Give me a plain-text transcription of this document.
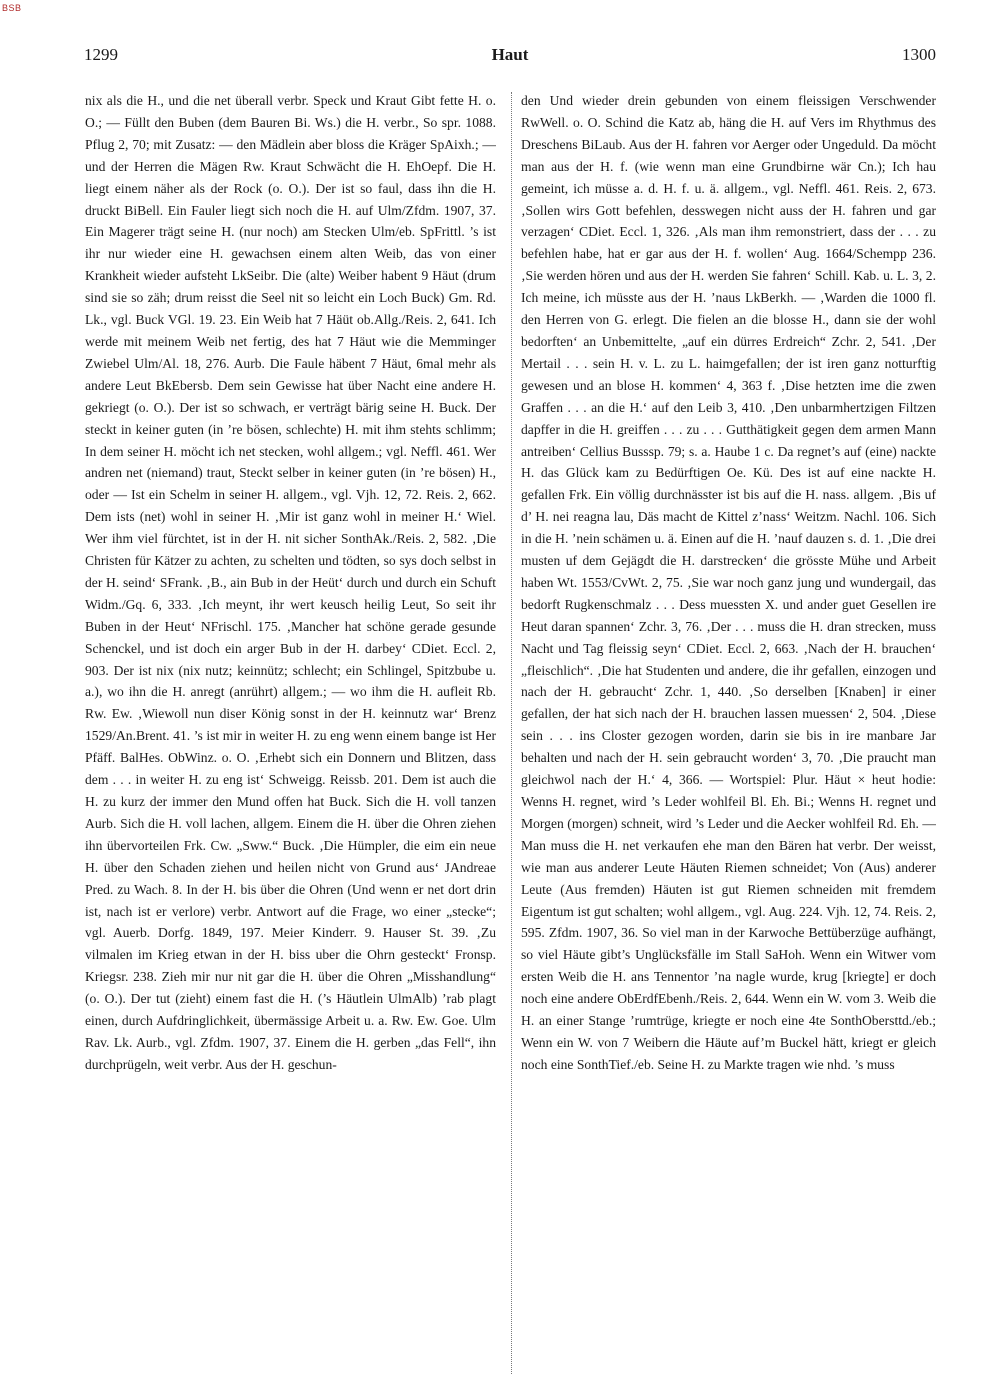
BSB
1299	Haut	1300

nix als die H., und die net überall verbr. Speck und Kraut Gibt fette H. o. O.; — Füllt den Buben (dem Bauren Bi. Ws.) die H. verbr., So spr. 1088. Pflug 2, 70; mit Zusatz: — den Mädlein aber bloss die Kräger SpAixh.; — und der Herren die Mägen Rw. Kraut Schwächt die H. EhOepf. Die H. liegt einem näher als der Rock (o. O.). Der ist so faul, dass ihn die H. druckt BiBell. Ein Fauler liegt sich noch die H. auf Ulm/Zfdm. 1907, 37. Ein Magerer trägt seine H. (nur noch) am Stecken Ulm/eb. SpFrittl. ’s ist ihr nur wieder eine H. gewachsen einem alten Weib, das von einer Krankheit wieder aufsteht LkSeibr. Die (alte) Weiber habent 9 Häut (drum sind sie so zäh; drum reisst die Seel nit so leicht ein Loch Buck) Gm. Rd. Lk., vgl. Buck VGl. 19. 23. Ein Weib hat 7 Häüt ob.Allg./Reis. 2, 641. Ich werde mit meinem Weib net fertig, des hat 7 Häut wie die Memminger Zwiebel Ulm/Al. 18, 276. Aurb. Die Faule häbent 7 Häut, 6mal mehr als andere Leut BkEbersb. Dem sein Gewisse hat über Nacht eine andere H. gekriegt (o. O.). Der ist so schwach, er verträgt bärig seine H. Buck. Der steckt in keiner guten (in ’re bösen, schlechte) H. mit ihm stehts schlimm; In dem seiner H. möcht ich net stecken, wohl allgem.; vgl. Neffl. 461. Wer andren net (niemand) traut, Steckt selber in keiner guten (in ’re bösen) H., oder — Ist ein Schelm in seiner H. allgem., vgl. Vjh. 12, 72. Reis. 2, 662. Dem ists (net) wohl in seiner H. ‚Mir ist ganz wohl in meiner H.‘ Wiel. Wer ihm viel fürchtet, ist in der H. nit sicher SonthAk./Reis. 2, 582. ‚Die Christen für Kätzer zu achten, zu schelten und tödten, so sys doch selbst in der H. seind‘ SFrank. ‚B., ain Bub in der Heüt‘ durch und durch ein Schuft Widm./Gq. 6, 333. ‚Ich meynt, ihr wert keusch heilig Leut, So seit ihr Buben in der Heut‘ NFrischl. 175. ‚Mancher hat schöne gerade gesunde Schenckel, und ist doch ein arger Bub in der H. darbey‘ CDiet. Eccl. 2, 903. Der ist nix (nix nutz; keinnütz; schlecht; ein Schlingel, Spitzbube u. a.), wo ihn die H. anregt (anrührt) allgem.; — wo ihm die H. aufleit Rb. Rw. Ew. ‚Wiewoll nun diser König sonst in der H. keinnutz war‘ Brenz 1529/An.Brent. 41. ’s ist mir in weiter H. zu eng wenn einem bange ist Her Pfäff. BalHes. ObWinz. o. O. ‚Erhebt sich ein Donnern und Blitzen, dass dem . . . in weiter H. zu eng ist‘ Schweigg. Reissb. 201. Dem ist auch die H. zu kurz der immer den Mund offen hat Buck. Sich die H. voll tanzen Aurb. Sich die H. voll lachen, allgem. Einem die H. über die Ohren ziehen ihn übervorteilen Frk. Cw. „Sww.“ Buck. ‚Die Hümpler, die eim ein neue H. über den Schaden ziehen und heilen nicht von Grund aus‘ JAndreae Pred. zu Wach. 8. In der H. bis über die Ohren (Und wenn er net dort drin ist, nach ist er verlore) verbr. Antwort auf die Frage, wo einer „stecke“; vgl. Auerb. Dorfg. 1849, 197. Meier Kinderr. 9. Hauser St. 39. ‚Zu vilmalen im Krieg etwan in der H. biss uber die Ohrn gesteckt‘ Fronsp. Kriegsr. 238. Zieh mir nur nit gar die H. über die Ohren „Misshandlung“ (o. O.). Der tut (zieht) einem fast die H. (’s Häutlein UlmAlb) ’rab plagt einen, durch Aufdringlichkeit, übermässige Arbeit u. a. Rw. Ew. Goe. Ulm Rav. Lk. Aurb., vgl. Zfdm. 1907, 37. Einem die H. gerben „das Fell“, ihn durchprügeln, weit verbr. Aus der H. geschun-

den Und wieder drein gebunden von einem fleissigen Verschwender RwWell. o. O. Schind die Katz ab, häng die H. auf Vers im Rhythmus des Dreschens BiLaub. Aus der H. fahren vor Aerger oder Ungeduld. Da möcht man aus der H. f. (wie wenn man eine Grundbirne wär Cn.); Ich hau gemeint, ich müsse a. d. H. f. u. ä. allgem., vgl. Neffl. 461. Reis. 2, 673. ‚Sollen wirs Gott befehlen, desswegen nicht auss der H. fahren und gar verzagen‘ CDiet. Eccl. 1, 326. ‚Als man ihm remonstriert, dass der . . . zu befehlen habe, hat er gar aus der H. f. wollen‘ Aug. 1664/Schempp 236. ‚Sie werden hören und aus der H. werden Sie fahren‘ Schill. Kab. u. L. 3, 2. Ich meine, ich müsste aus der H. ’naus LkBerkh. — ‚Warden die 1000 fl. den Herren von G. erlegt. Die fielen an die blosse H., dann sie der wohl bedorften‘ an Unbemittelte, „auf ein dürres Erdreich“ Zchr. 2, 541. ‚Der Mertail . . . sein H. v. L. zu L. haimgefallen; der ist iren ganz notturftig gewesen und an blose H. kommen‘ 4, 363 f. ‚Dise hetzten ime die zwen Graffen . . . an die H.‘ auf den Leib 3, 410. ‚Den unbarmhertzigen Filtzen dapffer in die H. greiffen . . . zu . . . Gutthätigkeit gegen dem armen Mann antreiben‘ Cellius Busssp. 79; s. a. Haube 1 c. Da regnet’s auf (eine) nackte H. das Glück kam zu Bedürftigen Oe. Kü. Des ist auf eine nackte H. gefallen Frk. Ein völlig durchnässter ist bis auf die H. nass. allgem. ‚Bis uf d’ H. nei reagna lau, Däs macht de Kittel z’nass‘ Weitzm. Nachl. 106. Sich in die H. ’nein schämen u. ä. Einen auf die H. ’nauf dauzen s. d. 1. ‚Die drei musten uf dem Gejägdt die H. darstrecken‘ die grösste Mühe und Arbeit haben Wt. 1553/CvWt. 2, 75. ‚Sie war noch ganz jung und wundergail, das bedorft Rugkenschmalz . . . Dess muessten X. und ander guet Gesellen ire Heut daran spannen‘ Zchr. 3, 76. ‚Der . . . muss die H. dran strecken, muss Nacht und Tag fleissig seyn‘ CDiet. Eccl. 2, 663. ‚Nach der H. brauchen‘ „fleischlich“. ‚Die hat Studenten und andere, die ihr gefallen, einzogen und nach der H. gebraucht‘ Zchr. 1, 440. ‚So derselben [Knaben] ir einer gefallen, der hat sich nach der H. brauchen lassen muessen‘ 2, 504. ‚Diese sein . . . ins Closter gezogen worden, darin sie bis in ire manbare Jar behalten und nach der H. sein gebraucht worden‘ 3, 70. ‚Die praucht man gleichwol nach der H.‘ 4, 366. — Wortspiel: Plur. Häut × heut hodie: Wenns H. regnet, wird ’s Leder wohlfeil Bl. Eh. Bi.; Wenns H. regnet und Morgen (morgen) schneit, wird ’s Leder und die Aecker wohlfeil Rd. Eh. — Man muss die H. net verkaufen ehe man den Bären hat verbr. Der weisst, wie man aus anderer Leute Häuten Riemen schneidet; Von (Aus) anderer Leute (Aus fremden) Häuten ist gut Riemen schneiden mit fremdem Eigentum ist gut schalten; wohl allgem., vgl. Aug. 224. Vjh. 12, 74. Reis. 2, 595. Zfdm. 1907, 36. So viel man in der Karwoche Bettüberzüge aufhängt, so viel Häute gibt’s Unglücksfälle im Stall SaHoh. Wenn ein Witwer vom ersten Weib die H. ans Tennentor ’na nagle wurde, krug [kriegte] er doch noch eine andere ObErdfEbenh./Reis. 2, 644. Wenn ein W. vom 3. Weib die H. an einer Stange ’rumtrüge, kriegte er noch eine 4te SonthObersttd./eb.; Wenn ein W. von 7 Weibern die Häute auf’m Buckel hätt, kriegt er gleich noch eine SonthTief./eb. Seine H. zu Markte tragen wie nhd. ’s muss
